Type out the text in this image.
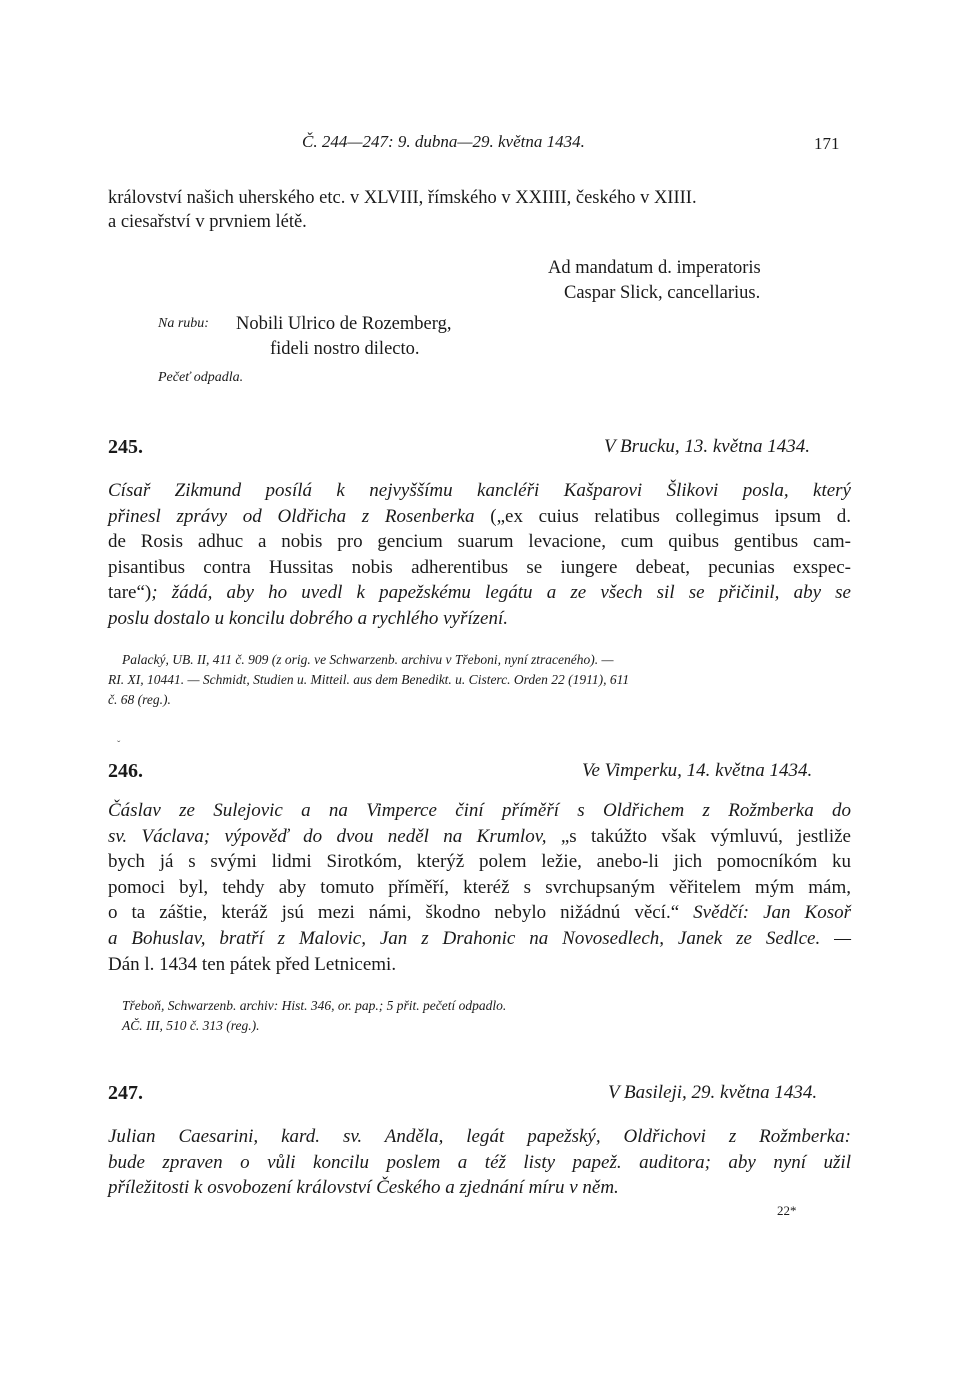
Č. 244—247: 9. dubna—29. května 1434.	171
království našich uherského etc. v XLVIII, římského v XXIIII, českého v XIIII.
a ciesařství v prvniem létě.
Ad mandatum d. imperatoris
Caspar Slick, cancellarius.
Na rubu: Nobili Ulrico de Rozemberg,
fideli nostro dilecto.
Pečeť odpadla.
245.	V Brucku, 13. května 1434.
Císař Zikmund posílá k nejvyššímu kancléři Kašparovi Šlikovi posla, který
přinesl zprávy od Oldřicha z Rosenberka („ex cuius relatibus collegimus ipsum d.
de Rosis adhuc a nobis pro gencium suarum levacione, cum quibus gentibus cam-
pisantibus contra Hussitas nobis adherentibus se iungere debeat, pecunias exspec-
tare“); žádá, aby ho uvedl k papežskému legátu a ze všech sil se přičinil, aby se
poslu dostalo u koncilu dobrého a rychlého vyřízení.
Palacký, UB. II, 411 č. 909 (z orig. ve Schwarzenb. archivu v Třeboni, nyní ztraceného). —
RI. XI, 10441. — Schmidt, Studien u. Mitteil. aus dem Benedikt. u. Cisterc. Orden 22 (1911), 611
č. 68 (reg.).
ˇ
246.	Ve Vimperku, 14. května 1434.
Čáslav ze Sulejovic a na Vimperce činí příměří s Oldřichem z Rožmberka do
sv. Václava; výpověď do dvou neděl na Krumlov, „s takúžto však výmluvú, jestliže
bych já s svými lidmi Sirotkóm, kterýž polem ležie, anebo-li jich pomocníkóm ku
pomoci byl, tehdy aby tomuto příměří, kteréž s svrchupsaným věřitelem mým mám,
o ta záštie, kteráž jsú mezi námi, škodno nebylo nižádnú věcí.“ Svědčí: Jan Kosoř
a Bohuslav, bratří z Malovic, Jan z Drahonic na Novosedlech, Janek ze Sedlce. —
Dán l. 1434 ten pátek před Letnicemi.
Třeboň, Schwarzenb. archiv: Hist. 346, or. pap.; 5 přit. pečetí odpadlo.
AČ. III, 510 č. 313 (reg.).
247.	V Basileji, 29. května 1434.
Julian Caesarini, kard. sv. Anděla, legát papežský, Oldřichovi z Rožmberka:
bude zpraven o vůli koncilu poslem a též listy papež. auditora; aby nyní užil
příležitosti k osvobození království Českého a zjednání míru v něm.
22*
